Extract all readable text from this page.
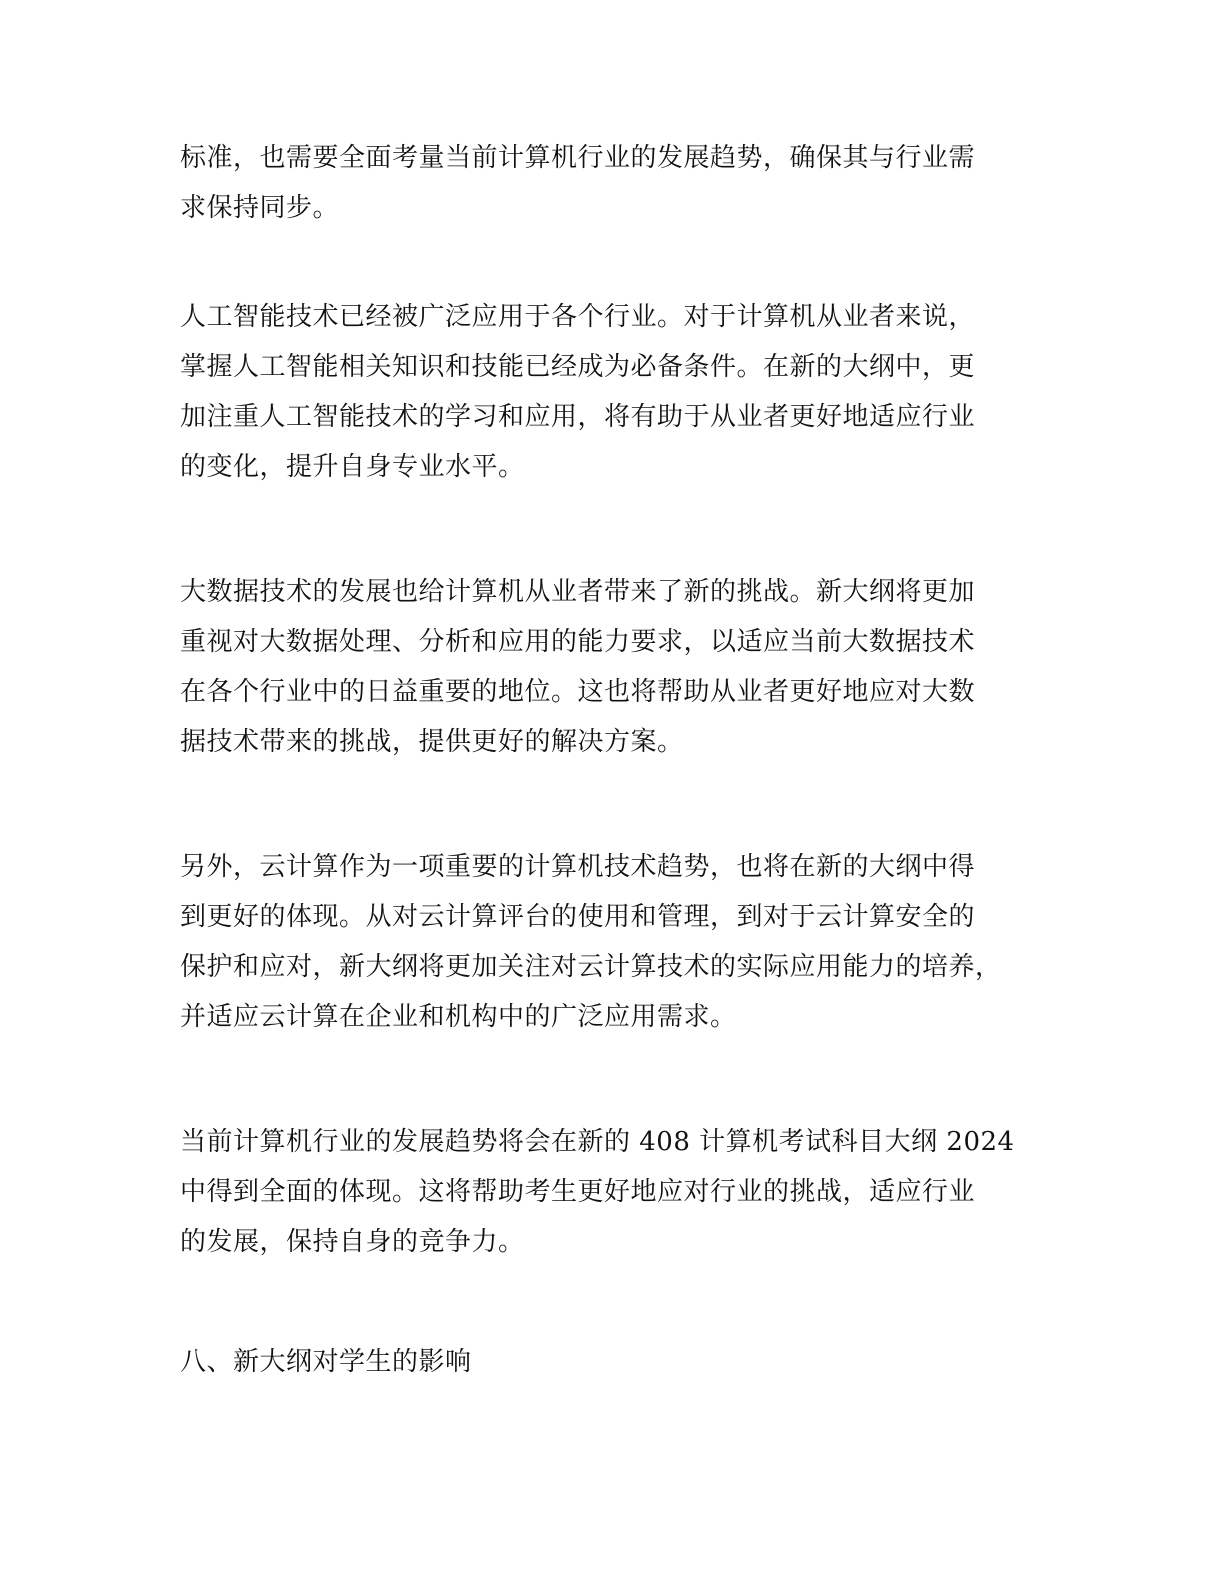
标准，也需要全面考量当前计算机行业的发展趋势，确保其与行业需
求保持同步。
人工智能技术已经被广泛应用于各个行业。对于计算机从业者来说，
掌握人工智能相关知识和技能已经成为必备条件。在新的大纲中，更
加注重人工智能技术的学习和应用，将有助于从业者更好地适应行业
的变化，提升自身专业水平。
大数据技术的发展也给计算机从业者带来了新的挑战。新大纲将更加
重视对大数据处理、分析和应用的能力要求，以适应当前大数据技术
在各个行业中的日益重要的地位。这也将帮助从业者更好地应对大数
据技术带来的挑战，提供更好的解决方案。
另外，云计算作为一项重要的计算机技术趋势，也将在新的大纲中得
到更好的体现。从对云计算评台的使用和管理，到对于云计算安全的
保护和应对，新大纲将更加关注对云计算技术的实际应用能力的培养，
并适应云计算在企业和机构中的广泛应用需求。
当前计算机行业的发展趋势将会在新的 408 计算机考试科目大纲 2024
中得到全面的体现。这将帮助考生更好地应对行业的挑战，适应行业
的发展，保持自身的竞争力。
八、新大纲对学生的影响
